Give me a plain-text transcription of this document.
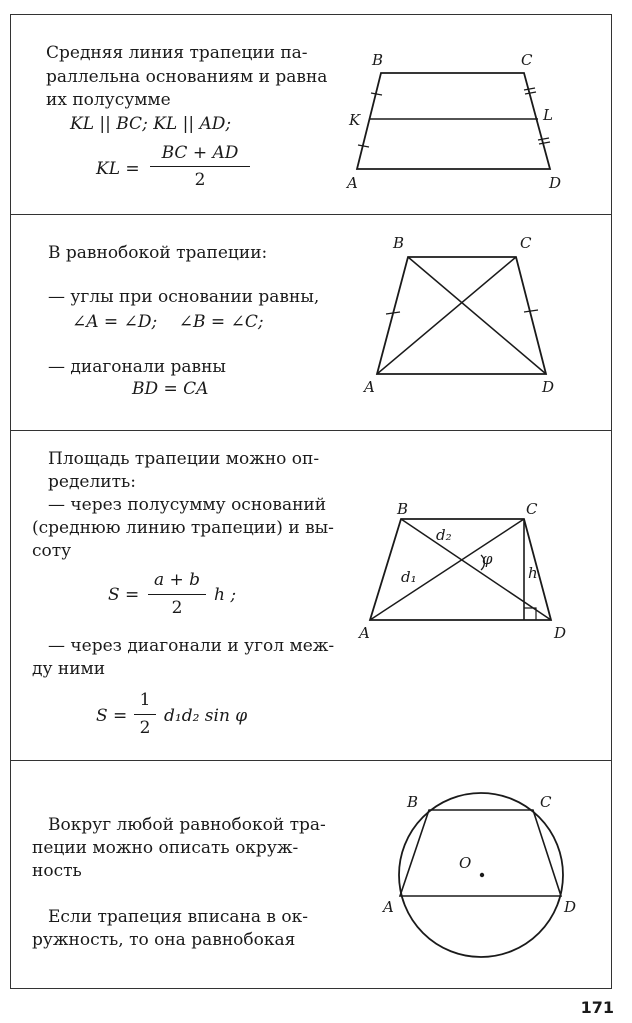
Средняя линия трапеции па-
раллельна основаниям и равна
их полусумме
KL || BC; KL || AD;
KL =
BC + AD
2
B	C
K	L
A	D
В равнобокой трапеции:
— углы при основании равны,
∠A = ∠D;    ∠B = ∠C;
— диагонали равны
BD = CA
B	C
A	D
Площадь трапеции можно оп-
ределить:
— через полусумму оснований
(среднюю линию трапеции) и вы-
соту
S =
a + b
2
h ;
— через диагонали и угол меж-
ду ними
S =
1
2
d₁d₂ sin φ
B	C
A	D
d₂
d₁
φ
h
Вокруг любой равнобокой тра-
пеции можно описать окруж-
ность
Если трапеция вписана в ок-
ружность, то она равнобокая
B	C
A	D
O
171
